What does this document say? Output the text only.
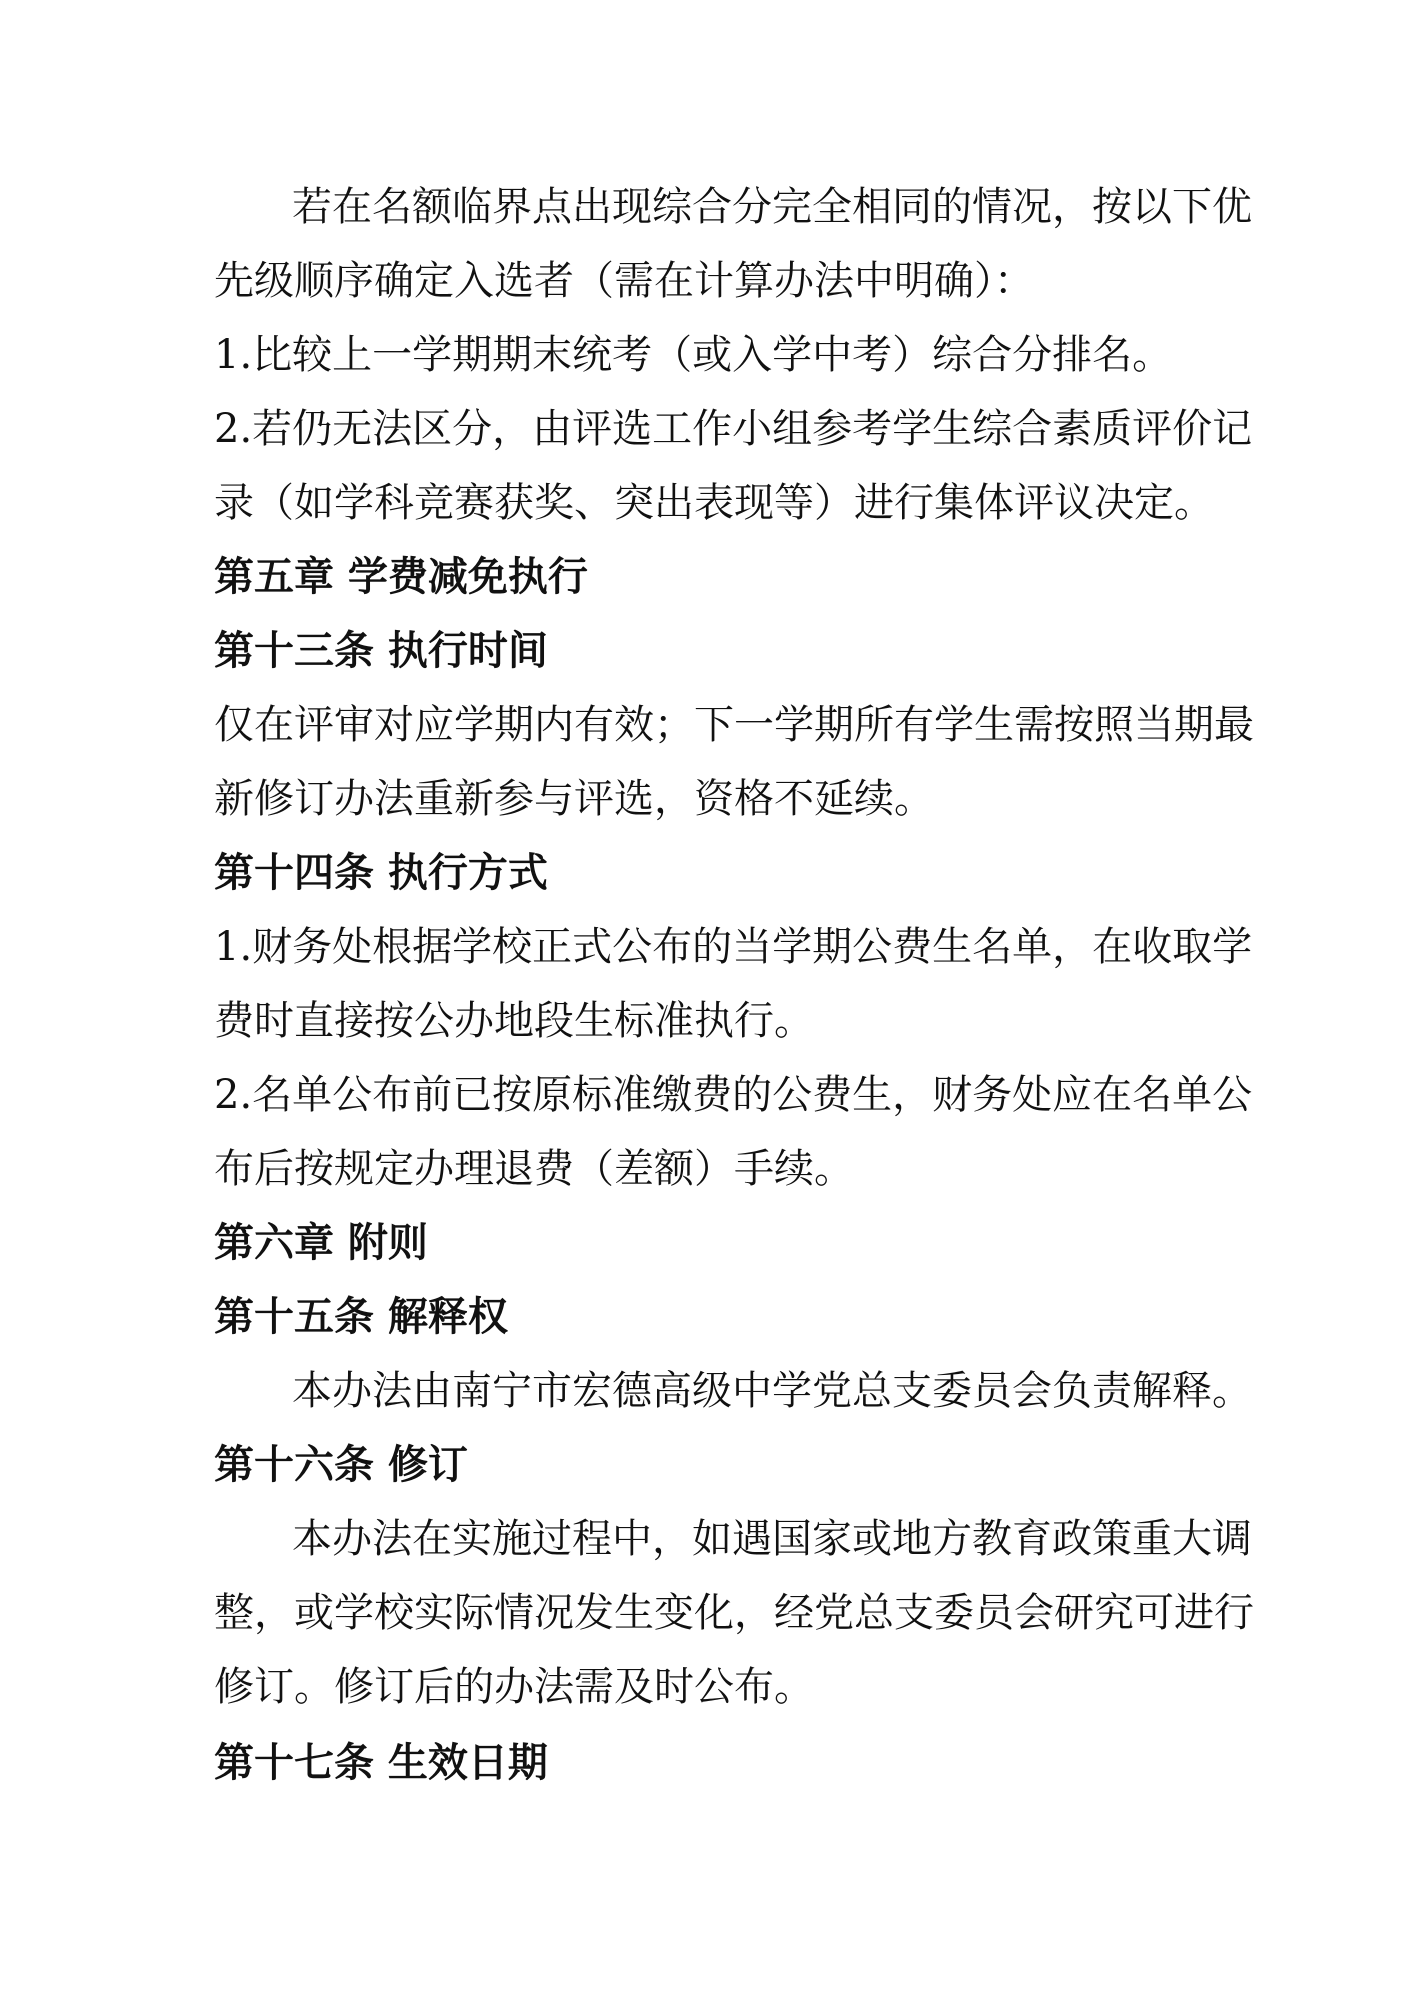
若在名额临界点出现综合分完全相同的情况，按以下优
先级顺序确定入选者（需在计算办法中明确）：
1.比较上一学期期末统考（或入学中考）综合分排名。
2.若仍无法区分，由评选工作小组参考学生综合素质评价记
录（如学科竞赛获奖、突出表现等）进行集体评议决定。
第五章 学费减免执行
第十三条 执行时间
仅在评审对应学期内有效；下一学期所有学生需按照当期最
新修订办法重新参与评选，资格不延续。
第十四条 执行方式
1.财务处根据学校正式公布的当学期公费生名单，在收取学
费时直接按公办地段生标准执行。
2.名单公布前已按原标准缴费的公费生，财务处应在名单公
布后按规定办理退费（差额）手续。
第六章 附则
第十五条 解释权
本办法由南宁市宏德高级中学党总支委员会负责解释。
第十六条 修订
本办法在实施过程中，如遇国家或地方教育政策重大调
整，或学校实际情况发生变化，经党总支委员会研究可进行
修订。修订后的办法需及时公布。
第十七条 生效日期
